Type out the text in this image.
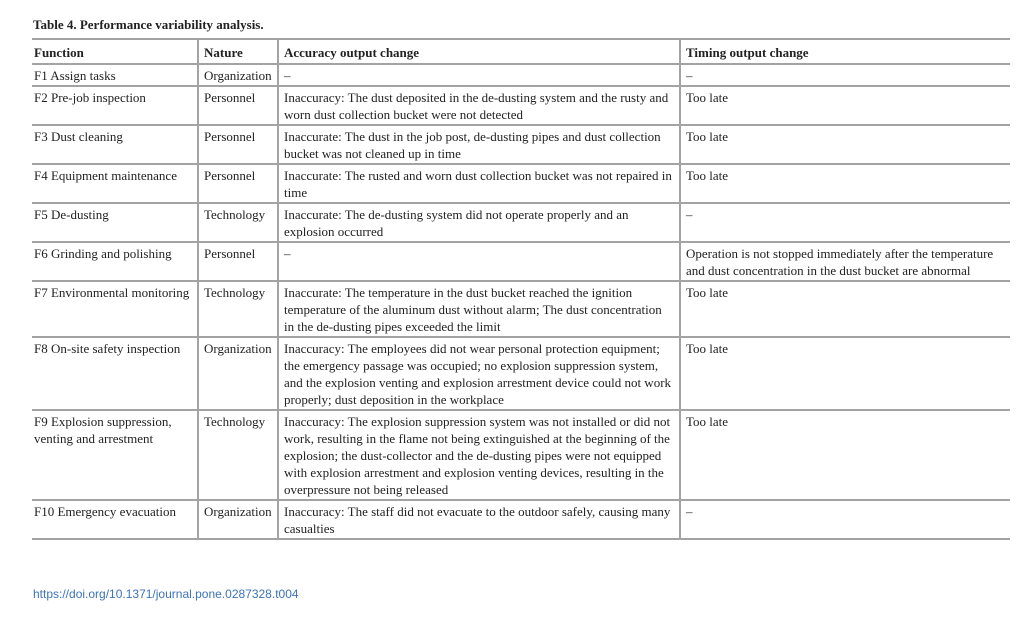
Table 4. Performance variability analysis.
Function	Nature	Accuracy output change	Timing output change
F1 Assign tasks	Organization	–	–
F2 Pre-job inspection	Personnel	Inaccuracy: The dust deposited in the de-dusting system and the rusty and worn dust collection bucket were not detected	Too late
F3 Dust cleaning	Personnel	Inaccurate: The dust in the job post, de-dusting pipes and dust collection bucket was not cleaned up in time	Too late
F4 Equipment maintenance	Personnel	Inaccurate: The rusted and worn dust collection bucket was not repaired in time	Too late
F5 De-dusting	Technology	Inaccurate: The de-dusting system did not operate properly and an explosion occurred	–
F6 Grinding and polishing	Personnel	–	Operation is not stopped immediately after the temperature and dust concentration in the dust bucket are abnormal
F7 Environmental monitoring	Technology	Inaccurate: The temperature in the dust bucket reached the ignition temperature of the aluminum dust without alarm; The dust concentration in the de-dusting pipes exceeded the limit	Too late
F8 On-site safety inspection	Organization	Inaccuracy: The employees did not wear personal protection equipment; the emergency passage was occupied; no explosion suppression system, and the explosion venting and explosion arrestment device could not work properly; dust deposition in the workplace	Too late
F9 Explosion suppression, venting and arrestment	Technology	Inaccuracy: The explosion suppression system was not installed or did not work, resulting in the flame not being extinguished at the beginning of the explosion; the dust-collector and the de-dusting pipes were not equipped with explosion arrestment and explosion venting devices, resulting in the overpressure not being released	Too late
F10 Emergency evacuation	Organization	Inaccuracy: The staff did not evacuate to the outdoor safely, causing many casualties	–
https://doi.org/10.1371/journal.pone.0287328.t004
